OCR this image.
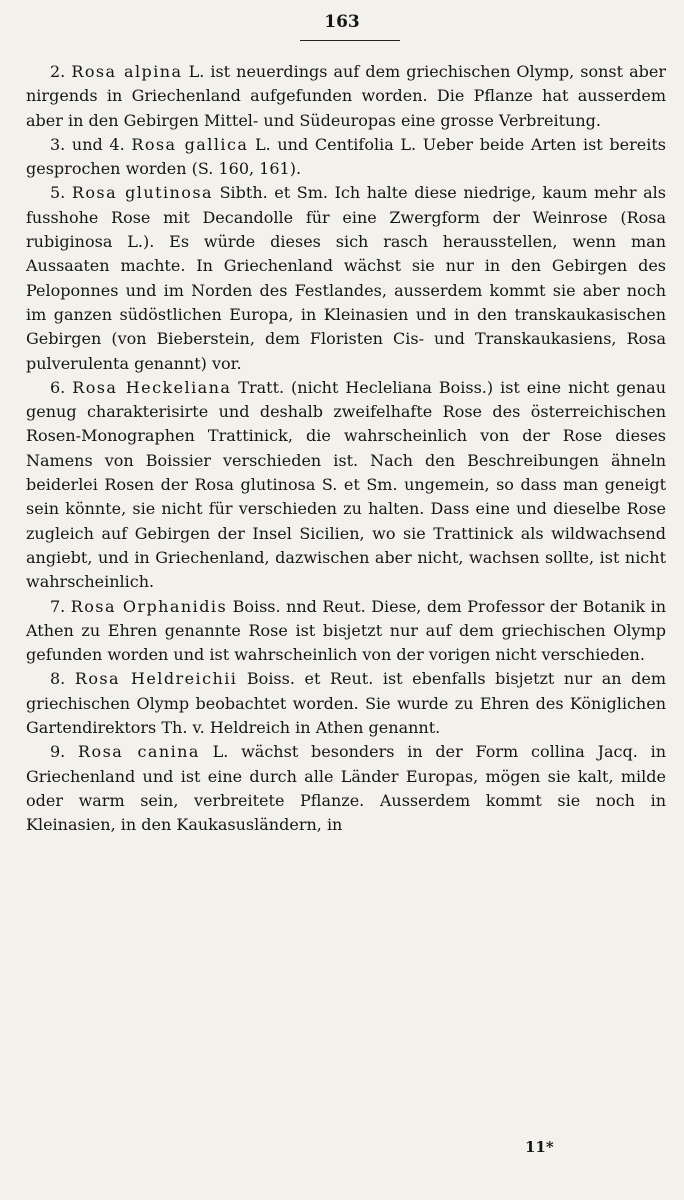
163

2. Rosa alpina L. ist neuerdings auf dem griechischen Olymp, sonst aber nirgends in Griechenland aufgefunden worden. Die Pflanze hat ausserdem aber in den Gebirgen Mittel- und Südeuropas eine grosse Verbreitung.

3. und 4. Rosa gallica L. und Centifolia L. Ueber beide Arten ist bereits gesprochen worden (S. 160, 161).

5. Rosa glutinosa Sibth. et Sm. Ich halte diese niedrige, kaum mehr als fusshohe Rose mit Decandolle für eine Zwergform der Weinrose (Rosa rubiginosa L.). Es würde dieses sich rasch herausstellen, wenn man Aussaaten machte. In Griechenland wächst sie nur in den Gebirgen des Peloponnes und im Norden des Festlandes, ausserdem kommt sie aber noch im ganzen südöstlichen Europa, in Kleinasien und in den transkaukasischen Gebirgen (von Bieberstein, dem Floristen Cis- und Transkaukasiens, Rosa pulverulenta genannt) vor.

6. Rosa Heckeliana Tratt. (nicht Hecleliana Boiss.) ist eine nicht genau genug charakterisirte und deshalb zweifelhafte Rose des österreichischen Rosen-Monographen Trattinick, die wahrscheinlich von der Rose dieses Namens von Boissier verschieden ist. Nach den Beschreibungen ähneln beiderlei Rosen der Rosa glutinosa S. et Sm. ungemein, so dass man geneigt sein könnte, sie nicht für verschieden zu halten. Dass eine und dieselbe Rose zugleich auf Gebirgen der Insel Sicilien, wo sie Trattinick als wildwachsend angiebt, und in Griechenland, dazwischen aber nicht, wachsen sollte, ist nicht wahrscheinlich.

7. Rosa Orphanidis Boiss. nnd Reut. Diese, dem Professor der Botanik in Athen zu Ehren genannte Rose ist bisjetzt nur auf dem griechischen Olymp gefunden worden und ist wahrscheinlich von der vorigen nicht verschieden.

8. Rosa Heldreichii Boiss. et Reut. ist ebenfalls bisjetzt nur an dem griechischen Olymp beobachtet worden. Sie wurde zu Ehren des Königlichen Gartendirektors Th. v. Heldreich in Athen genannt.

9. Rosa canina L. wächst besonders in der Form collina Jacq. in Griechenland und ist eine durch alle Länder Europas, mögen sie kalt, milde oder warm sein, verbreitete Pflanze. Ausserdem kommt sie noch in Kleinasien, in den Kaukasusländern, in

11*
